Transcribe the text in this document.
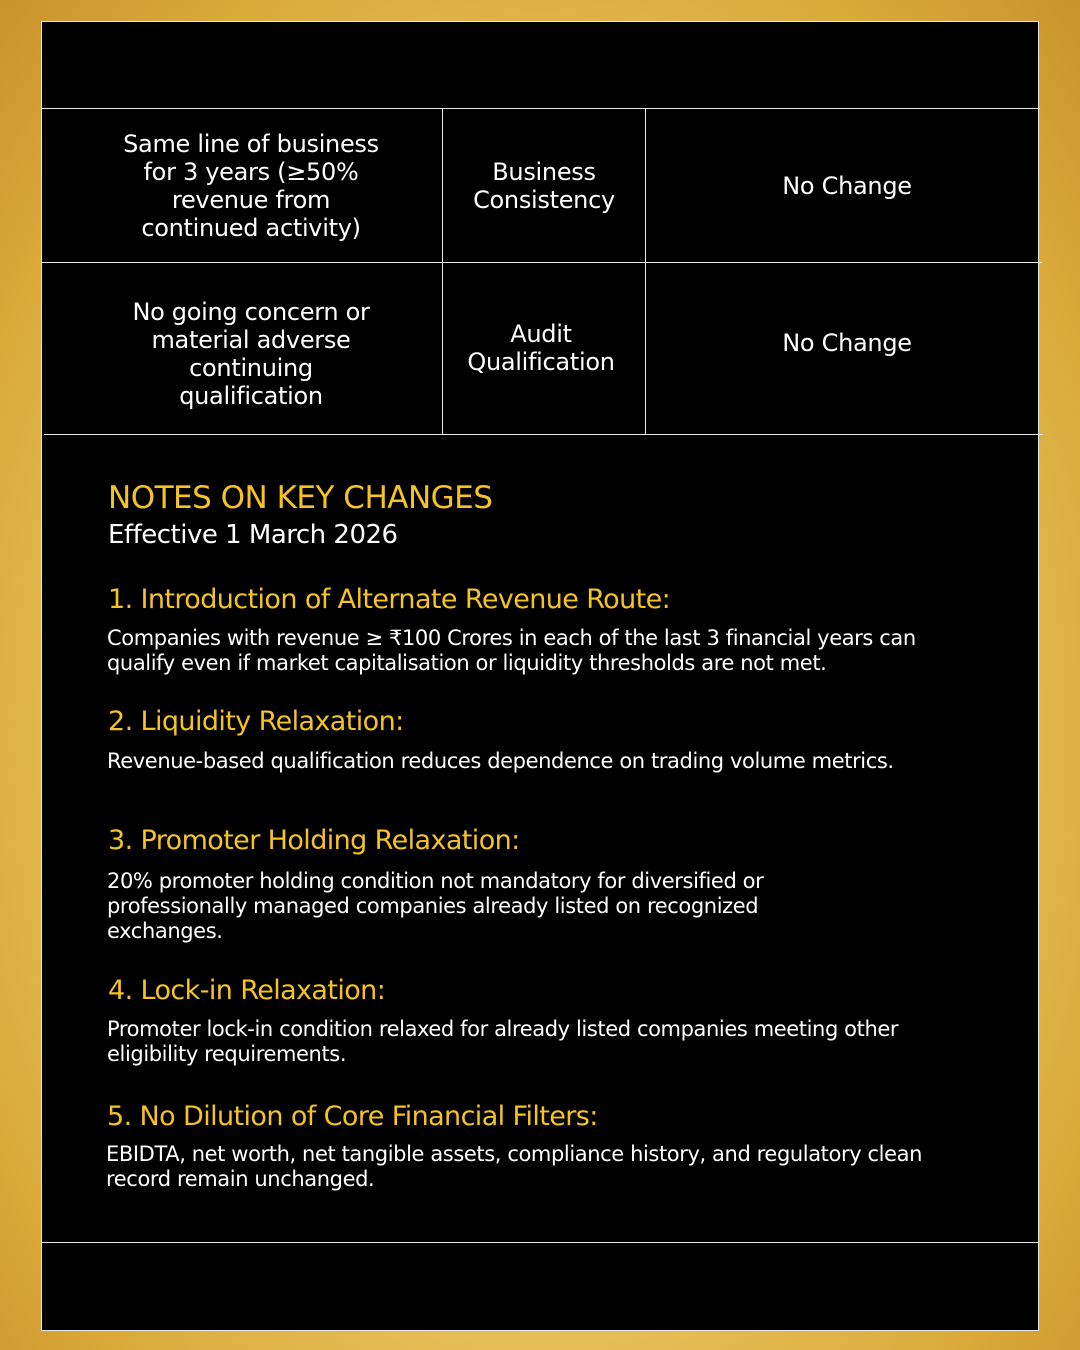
Same line of business
for 3 years (≥50%
revenue from
continued activity)
Business
Consistency	No Change
No going concern or
material adverse
continuing
qualification
Audit
Qualification
No Change
NOTES ON KEY CHANGES
Effective 1 March 2026
1. Introduction of Alternate Revenue Route:
Companies with revenue ≥ ₹100 Crores in each of the last 3 financial years can qualify even if market capitalisation or liquidity thresholds are not met.
2. Liquidity Relaxation:
Revenue-based qualification reduces dependence on trading volume metrics.
3. Promoter Holding Relaxation:
20% promoter holding condition not mandatory for diversified or professionally managed companies already listed on recognized exchanges.
4. Lock-in Relaxation:
Promoter lock-in condition relaxed for already listed companies meeting other eligibility requirements.
5. No Dilution of Core Financial Filters:
EBIDTA, net worth, net tangible assets, compliance history, and regulatory clean record remain unchanged.
